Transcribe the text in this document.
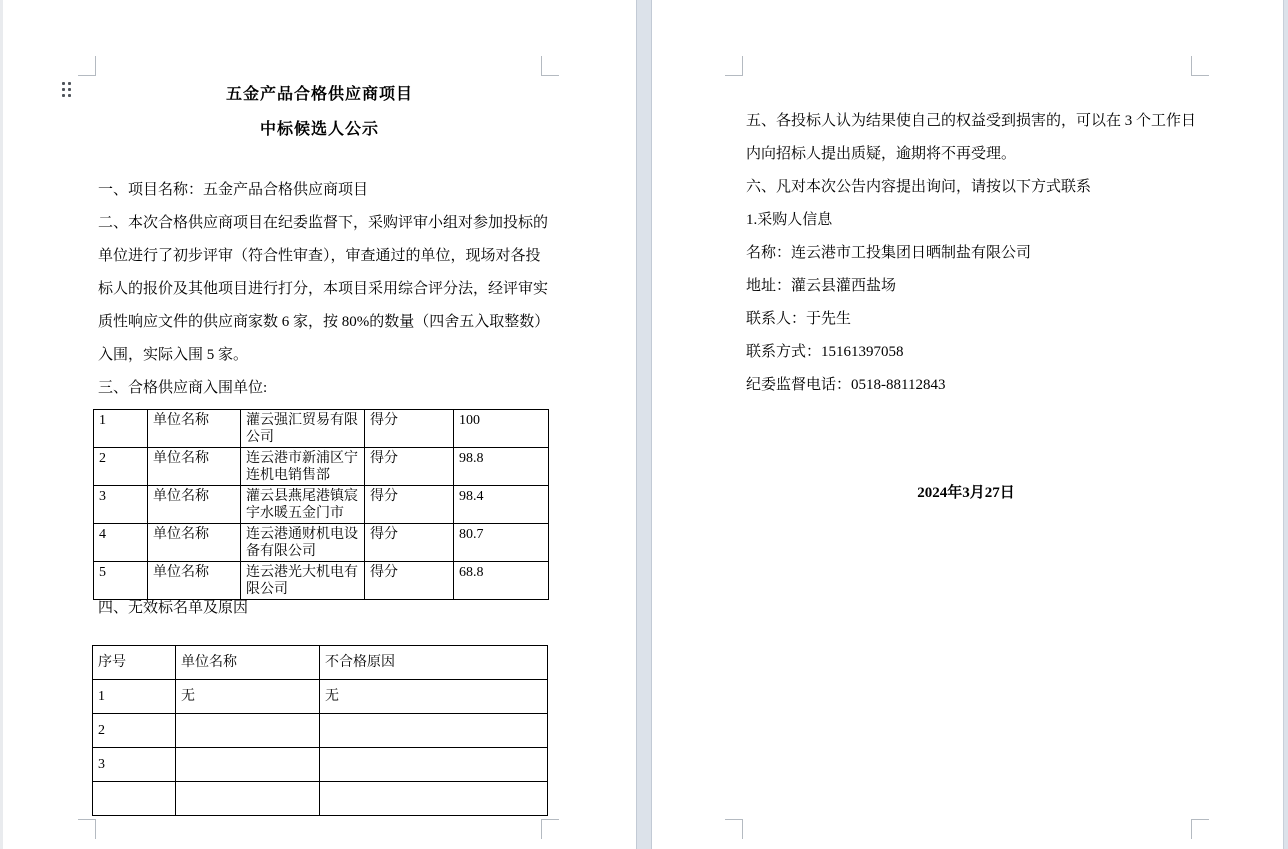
五金产品合格供应商项目
中标候选人公示
一、项目名称：五金产品合格供应商项目
二、本次合格供应商项目在纪委监督下，采购评审小组对参加投标的
单位进行了初步评审（符合性审查），审查通过的单位，现场对各投
标人的报价及其他项目进行打分，本项目采用综合评分法，经评审实
质性响应文件的供应商家数 6 家，按 80%的数量（四舍五入取整数）
入围，实际入围 5 家。
三、合格供应商入围单位:
1	单位名称	灌云强汇贸易有限公司	得分	100
2	单位名称	连云港市新浦区宁连机电销售部	得分	98.8
3	单位名称	灌云县燕尾港镇宸宇水暖五金门市	得分	98.4
4	单位名称	连云港通财机电设备有限公司	得分	80.7
5	单位名称	连云港光大机电有限公司	得分	68.8
四、无效标名单及原因
序号	单位名称	不合格原因
1	无	无
2		
3		

五、各投标人认为结果使自己的权益受到损害的，可以在 3 个工作日
内向招标人提出质疑，逾期将不再受理。
六、凡对本次公告内容提出询问，请按以下方式联系
1.采购人信息
名称：连云港市工投集团日晒制盐有限公司
地址：灌云县灌西盐场
联系人：于先生
联系方式：15161397058
纪委监督电话：0518-88112843
2024年3月27日
